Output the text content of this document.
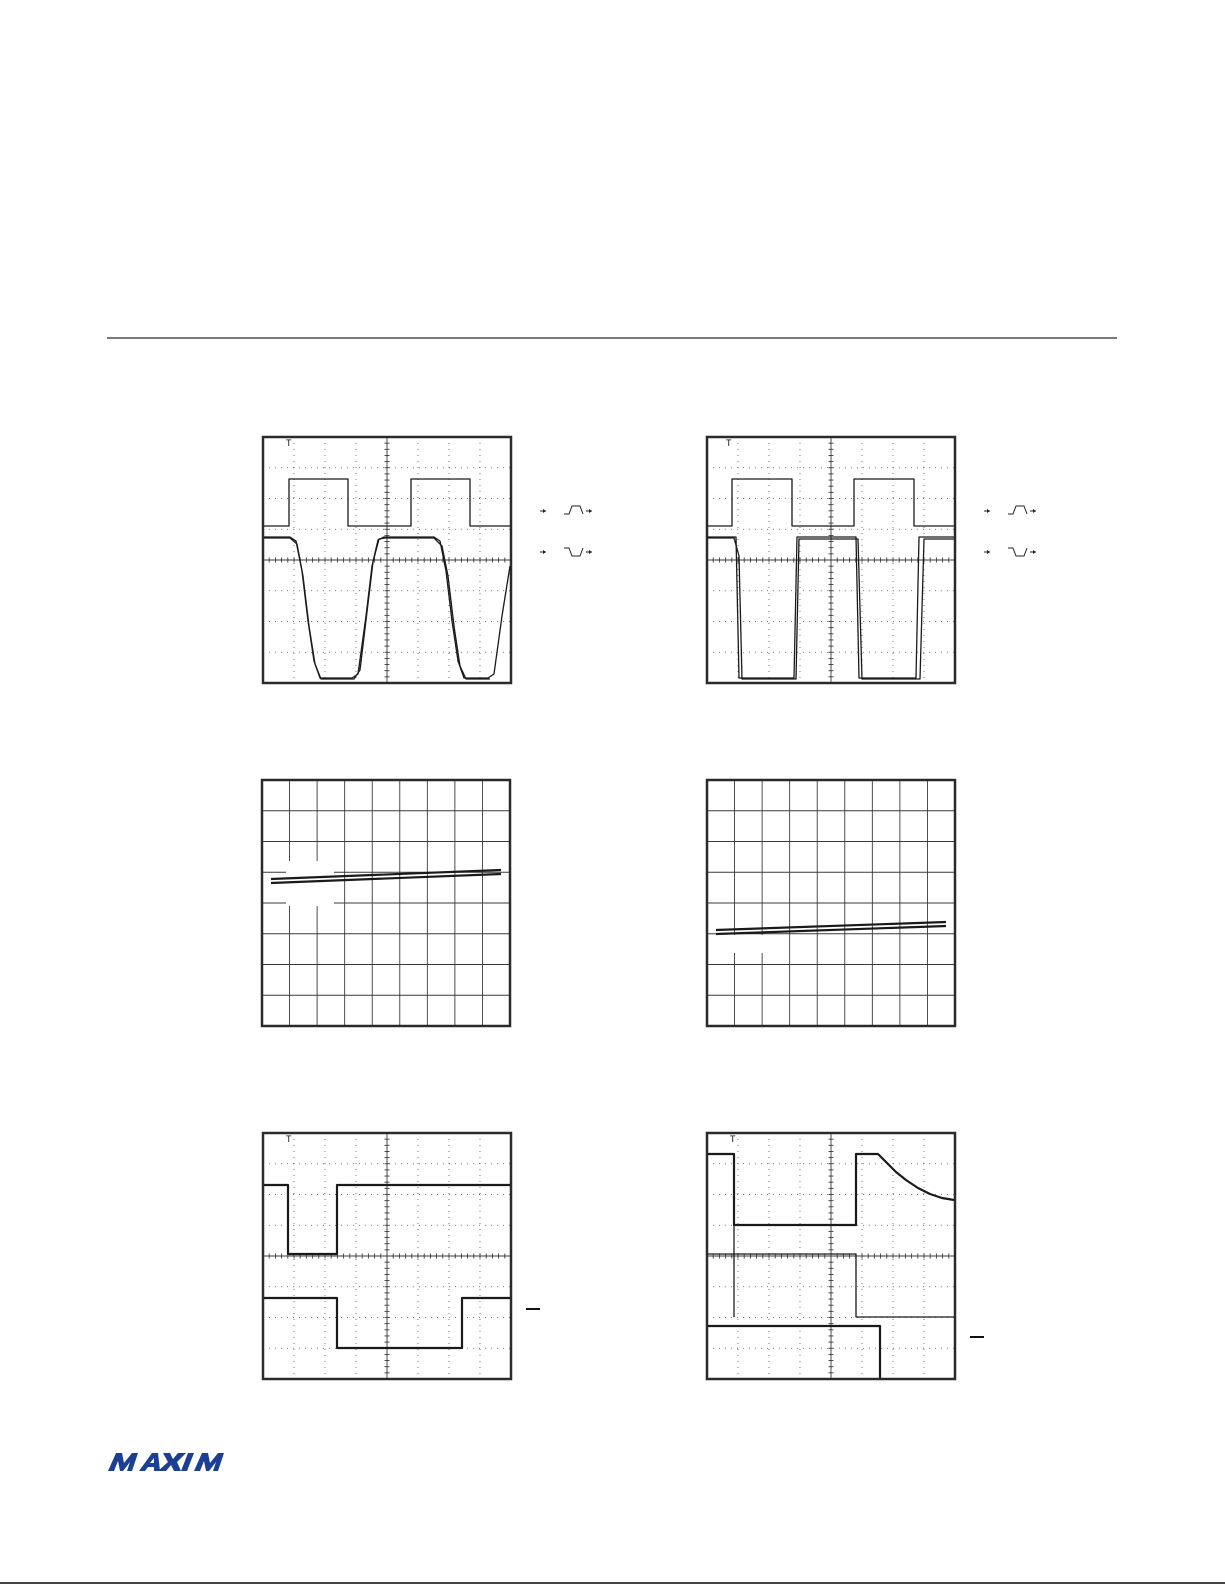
T	T
T	T
